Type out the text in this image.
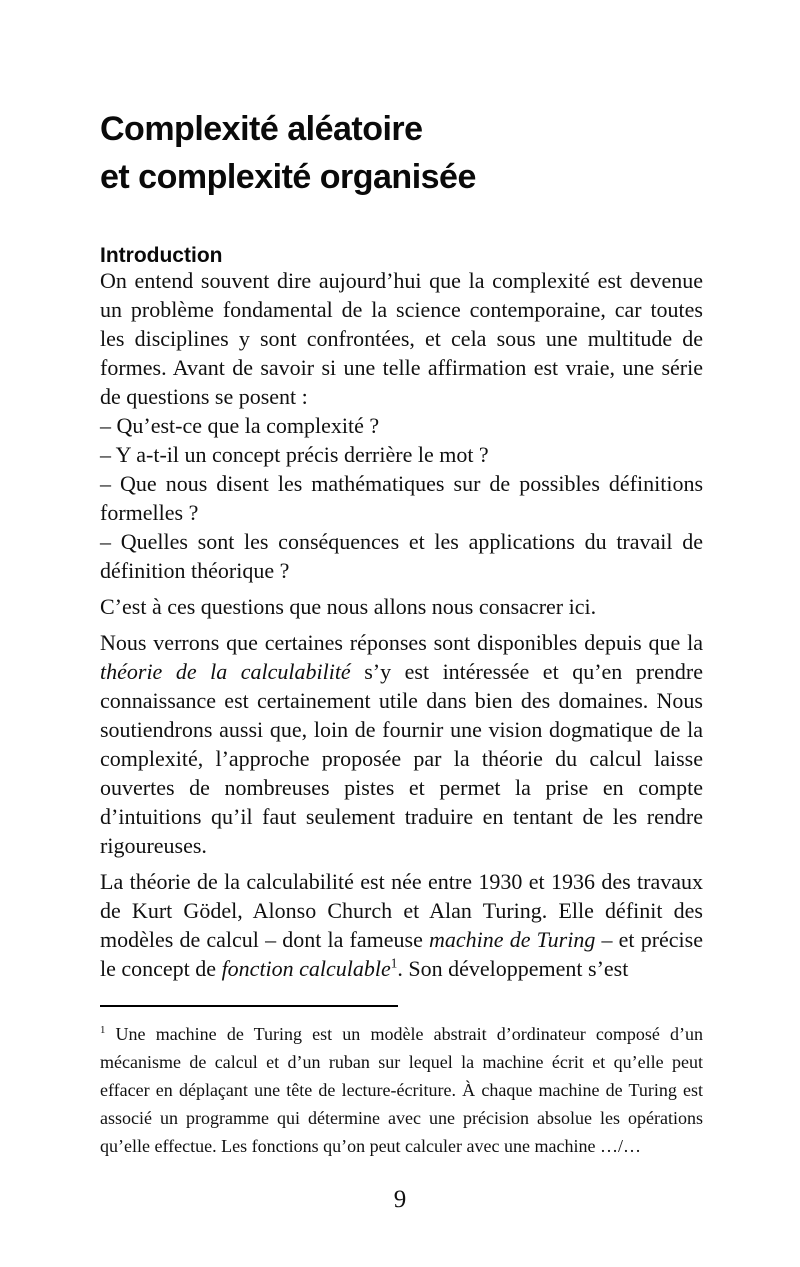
Complexité aléatoire
et complexité organisée
Introduction

On entend souvent dire aujourd’hui que la complexité est devenue un problème fondamental de la science contemporaine, car toutes les disciplines y sont confrontées, et cela sous une multitude de formes. Avant de savoir si une telle affirmation est vraie, une série de questions se posent :

– Qu’est-ce que la complexité ?

– Y a-t-il un concept précis derrière le mot ?

– Que nous disent les mathématiques sur de possibles définitions formelles ?

– Quelles sont les conséquences et les applications du travail de définition théorique ?

C’est à ces questions que nous allons nous consacrer ici.

Nous verrons que certaines réponses sont disponibles depuis que la théorie de la calculabilité s’y est intéressée et qu’en prendre connaissance est certainement utile dans bien des domaines. Nous soutiendrons aussi que, loin de fournir une vision dogmatique de la complexité, l’approche proposée par la théorie du calcul laisse ouvertes de nombreuses pistes et permet la prise en compte d’intuitions qu’il faut seulement traduire en tentant de les rendre rigoureuses.

La théorie de la calculabilité est née entre 1930 et 1936 des travaux de Kurt Gödel, Alonso Church et Alan Turing. Elle définit des modèles de calcul – dont la fameuse machine de Turing – et précise le concept de fonction calculable$^1$. Son développement s’est

$^1$ Une machine de Turing est un modèle abstrait d’ordinateur composé d’un mécanisme de calcul et d’un ruban sur lequel la machine écrit et qu’elle peut effacer en déplaçant une tête de lecture-écriture. À chaque machine de Turing est associé un programme qui détermine avec une précision absolue les opérations qu’elle effectue. Les fonctions qu’on peut calculer avec une machine …/…

9
